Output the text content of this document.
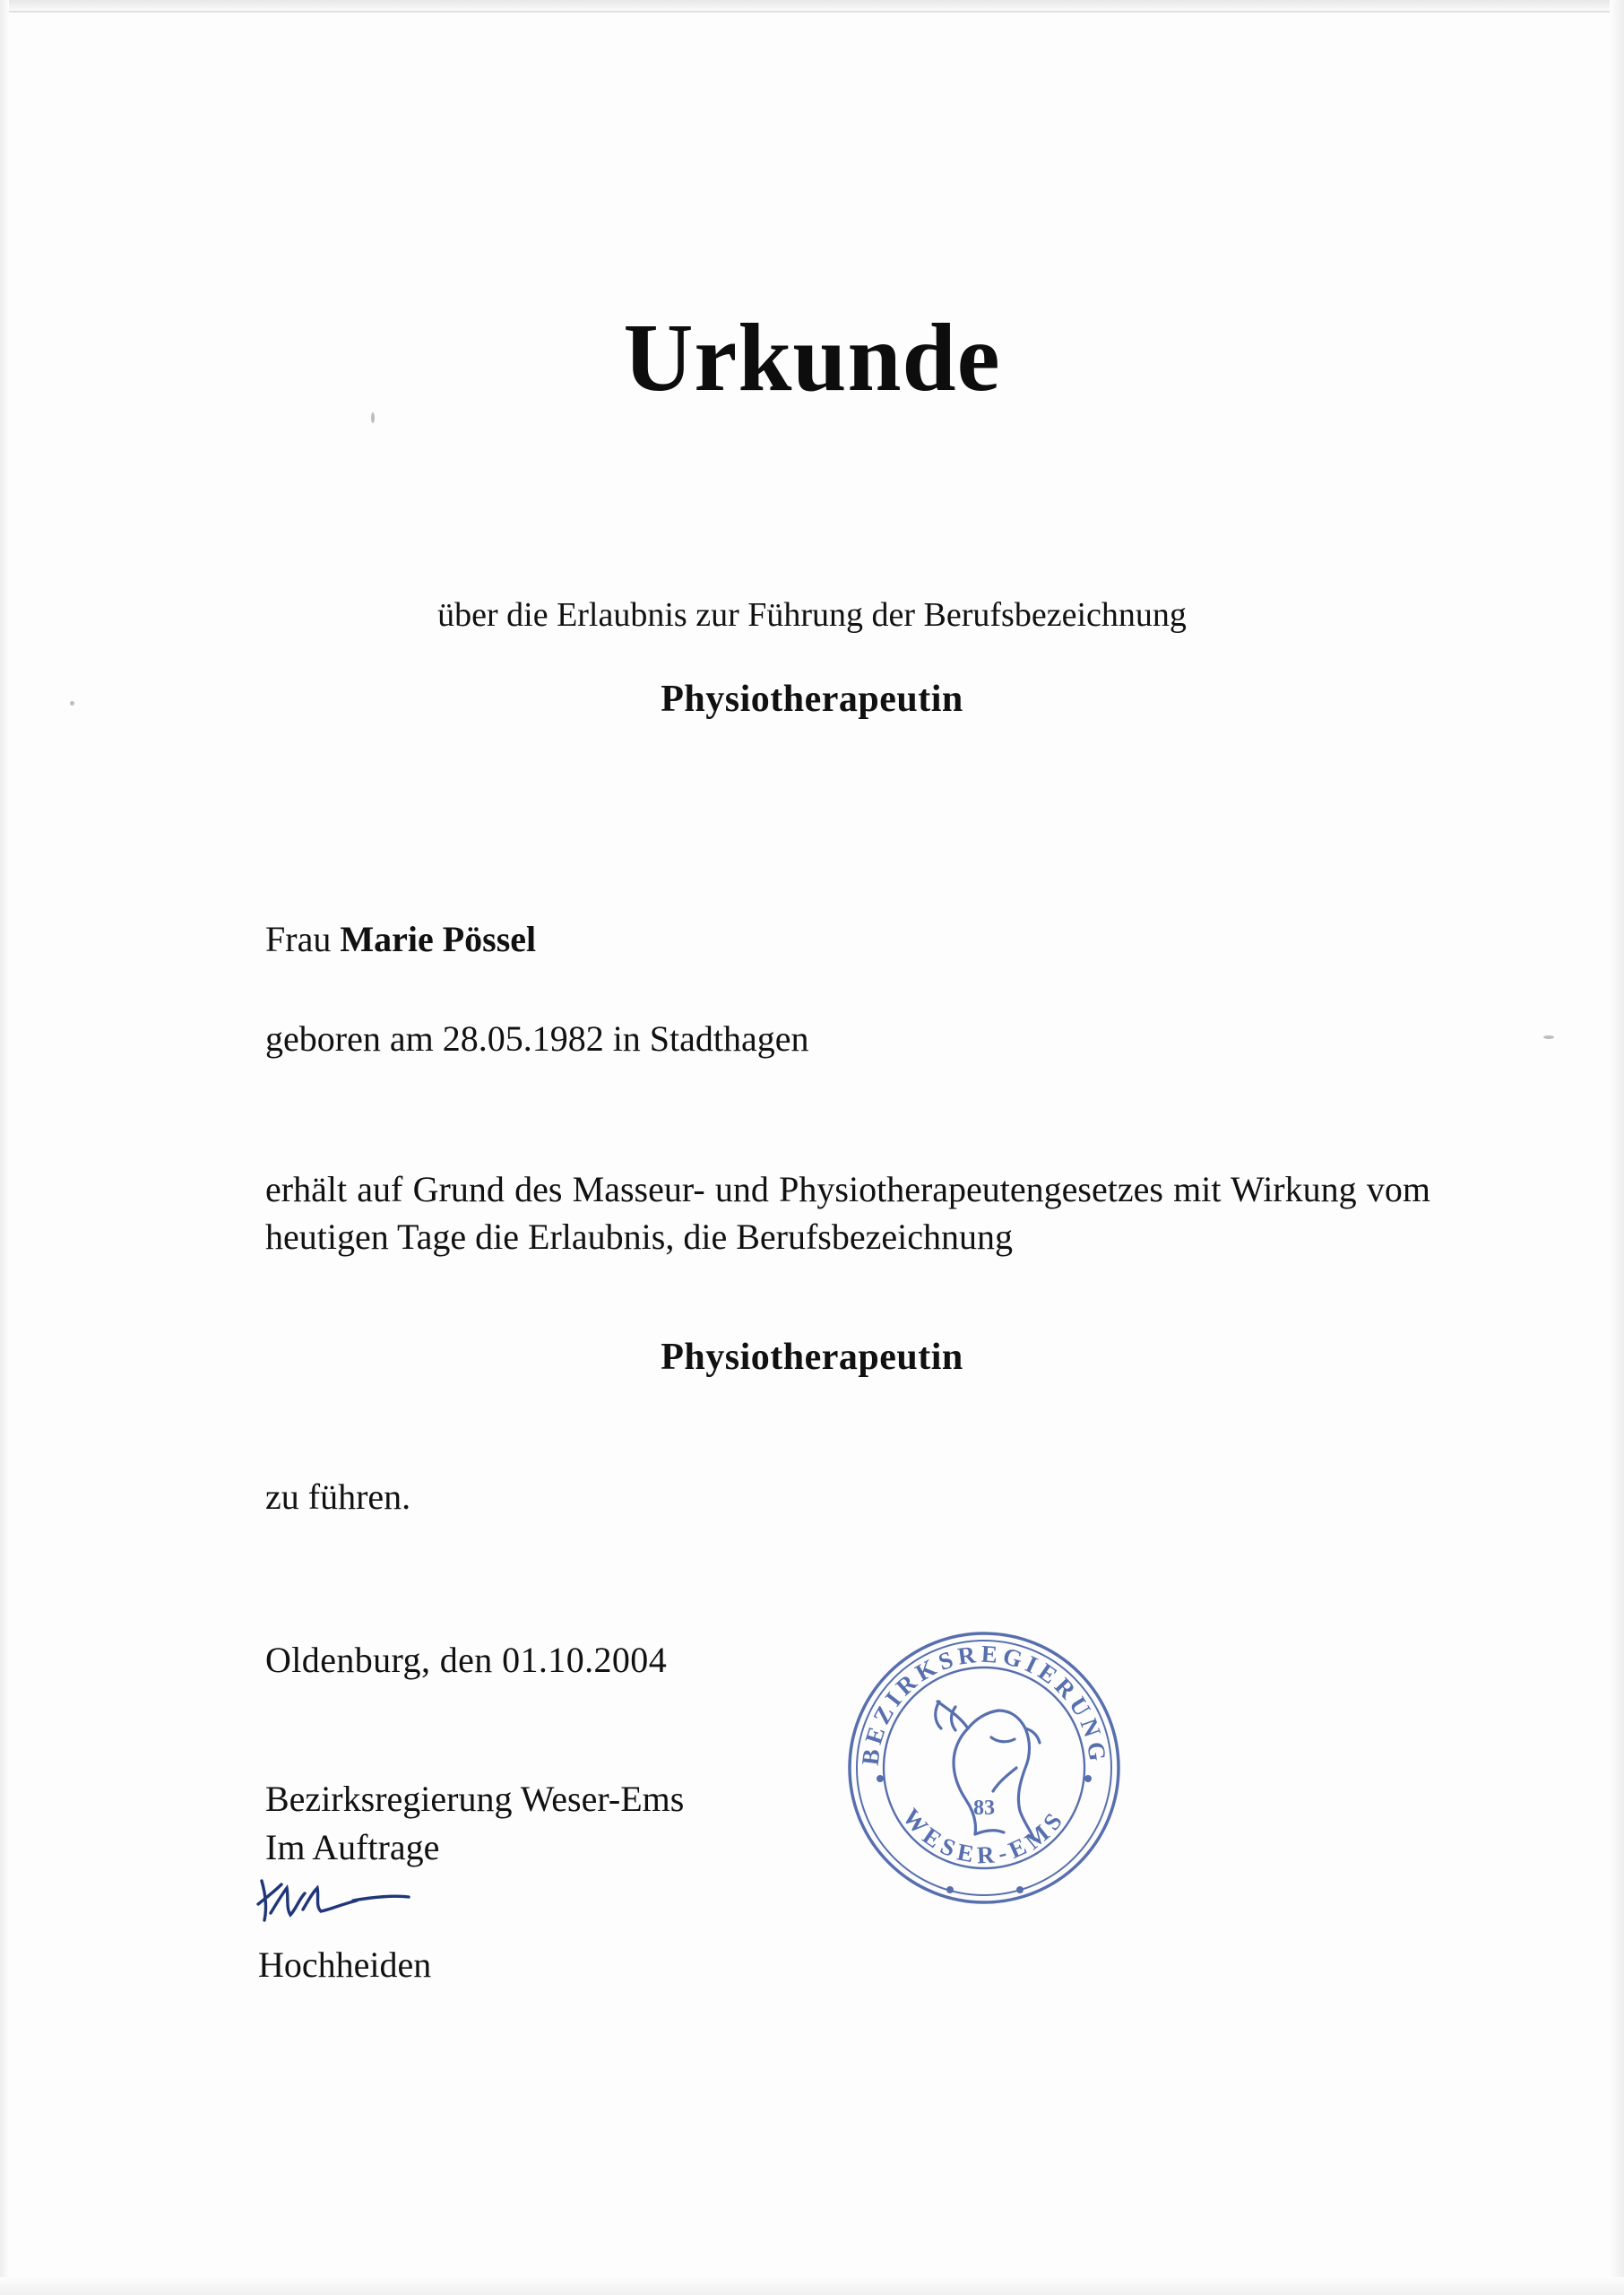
Urkunde
über die Erlaubnis zur Führung der Berufsbezeichnung
Physiotherapeutin
Frau Marie Pössel
geboren am 28.05.1982 in Stadthagen
erhält auf Grund des Masseur- und Physiotherapeutengesetzes mit Wirkung vom heutigen Tage die Erlaubnis, die Berufsbezeichnung
Physiotherapeutin
zu führen.
Oldenburg, den 01.10.2004
Bezirksregierung Weser-Ems
Im Auftrage
Hochheiden
BEZIRKSREGIERUNG
WESER-EMS
83
